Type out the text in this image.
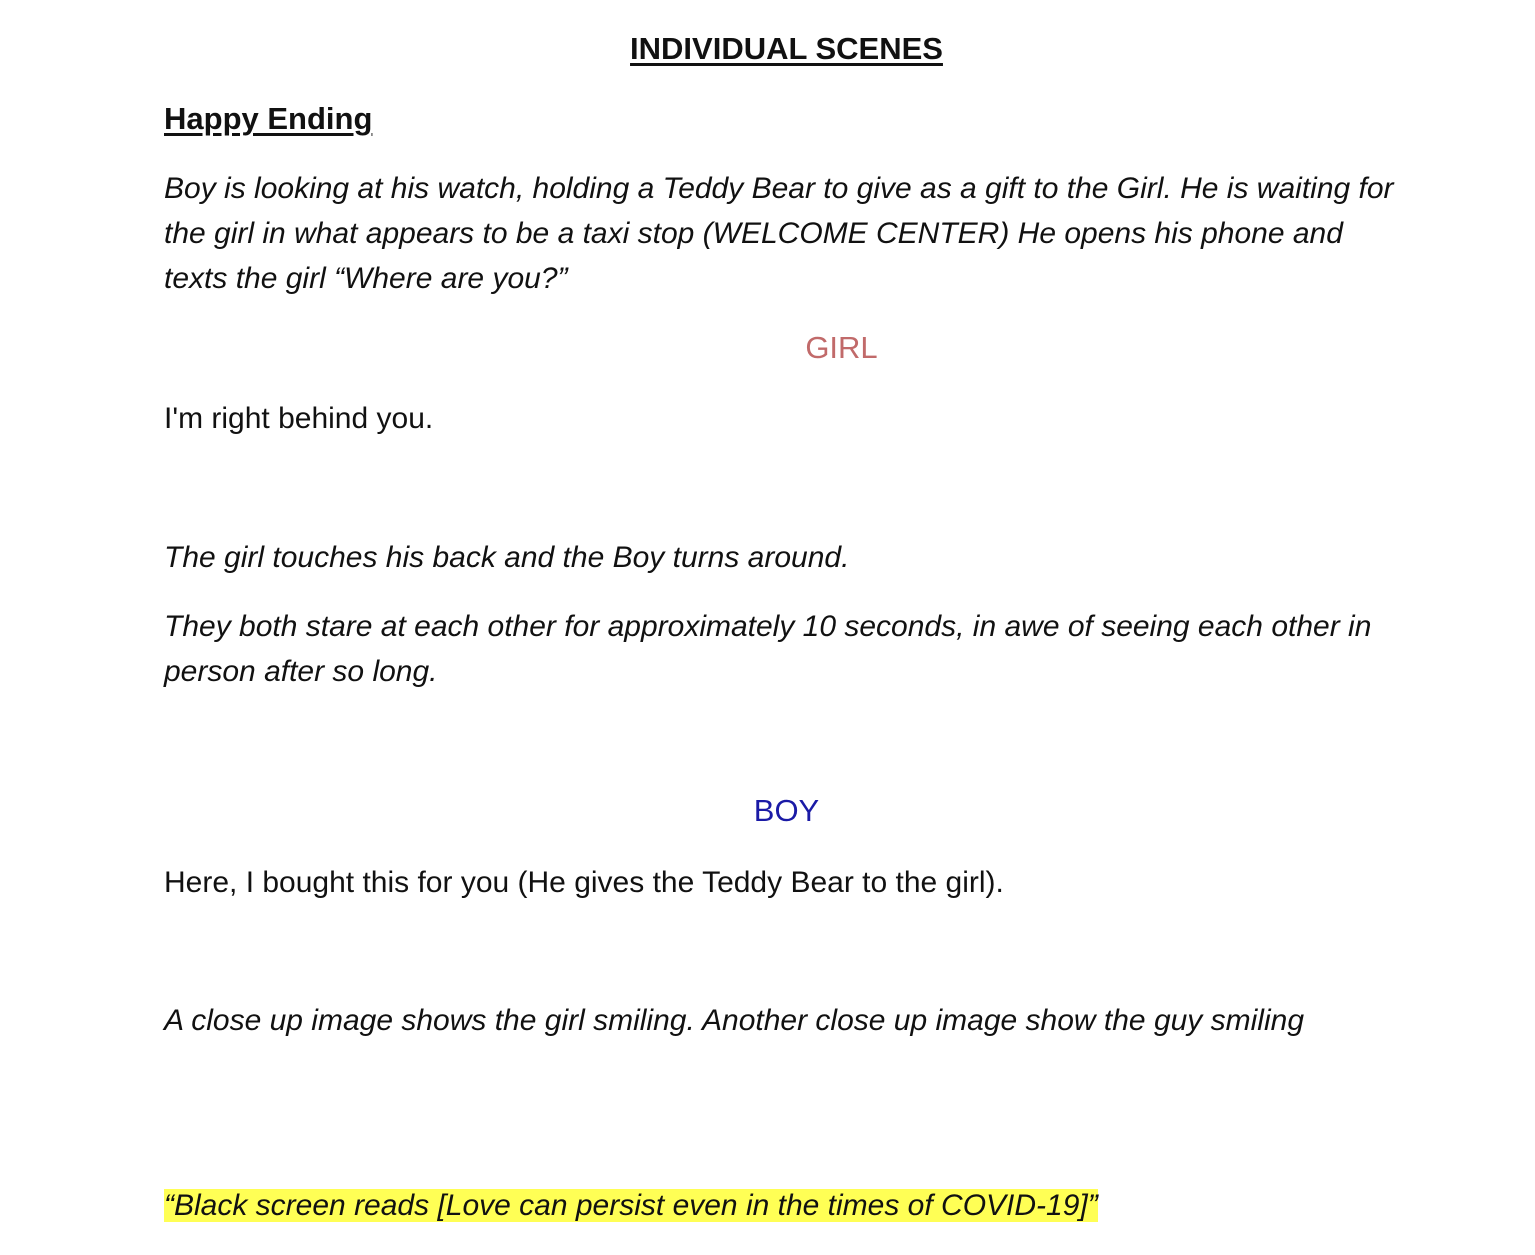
INDIVIDUAL SCENES
Happy Ending

Boy is looking at his watch, holding a Teddy Bear to give as a gift to the Girl. He is waiting for the girl in what appears to be a taxi stop (WELCOME CENTER) He opens his phone and texts the girl “Where are you?”

GIRL

I'm right behind you.

The girl touches his back and the Boy turns around.

They both stare at each other for approximately 10 seconds, in awe of seeing each other in person after so long.

BOY

Here, I bought this for you (He gives the Teddy Bear to the girl).

A close up image shows the girl smiling. Another close up image show the guy smiling

“Black screen reads [Love can persist even in the times of COVID-19]”
